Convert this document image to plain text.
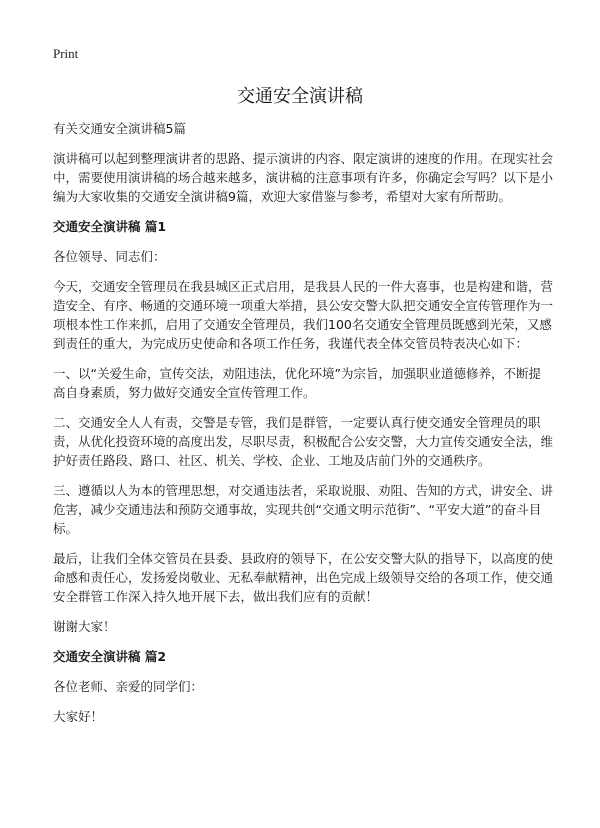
Print
交通安全演讲稿

有关交通安全演讲稿5篇

演讲稿可以起到整理演讲者的思路、提示演讲的内容、限定演讲的速度的作用。在现实社会中，需要使用演讲稿的场合越来越多，演讲稿的注意事项有许多，你确定会写吗？以下是小编为大家收集的交通安全演讲稿9篇，欢迎大家借鉴与参考，希望对大家有所帮助。

交通安全演讲稿 篇1

各位领导、同志们：

今天，交通安全管理员在我县城区正式启用，是我县人民的一件大喜事，也是构建和谐，营造安全、有序、畅通的交通环境一项重大举措，县公安交警大队把交通安全宣传管理作为一项根本性工作来抓，启用了交通安全管理员，我们100名交通安全管理员既感到光荣，又感到责任的重大，为完成历史使命和各项工作任务，我谨代表全体交管员特表决心如下：

一、以“关爱生命，宣传交法，劝阻违法，优化环境”为宗旨，加强职业道德修养，不断提高自身素质，努力做好交通安全宣传管理工作。

二、交通安全人人有责，交警是专管，我们是群管，一定要认真行使交通安全管理员的职责，从优化投资环境的高度出发，尽职尽责，积极配合公安交警，大力宣传交通安全法，维护好责任路段、路口、社区、机关、学校、企业、工地及店前门外的交通秩序。

三、遵循以人为本的管理思想，对交通违法者，采取说服、劝阻、告知的方式，讲安全、讲危害，减少交通违法和预防交通事故，实现共创“交通文明示范街”、“平安大道”的奋斗目标。

最后，让我们全体交管员在县委、县政府的领导下，在公安交警大队的指导下，以高度的使命感和责任心，发扬爱岗敬业、无私奉献精神，出色完成上级领导交给的各项工作，使交通安全群管工作深入持久地开展下去，做出我们应有的贡献！

谢谢大家！

交通安全演讲稿 篇2

各位老师、亲爱的同学们：

大家好！
